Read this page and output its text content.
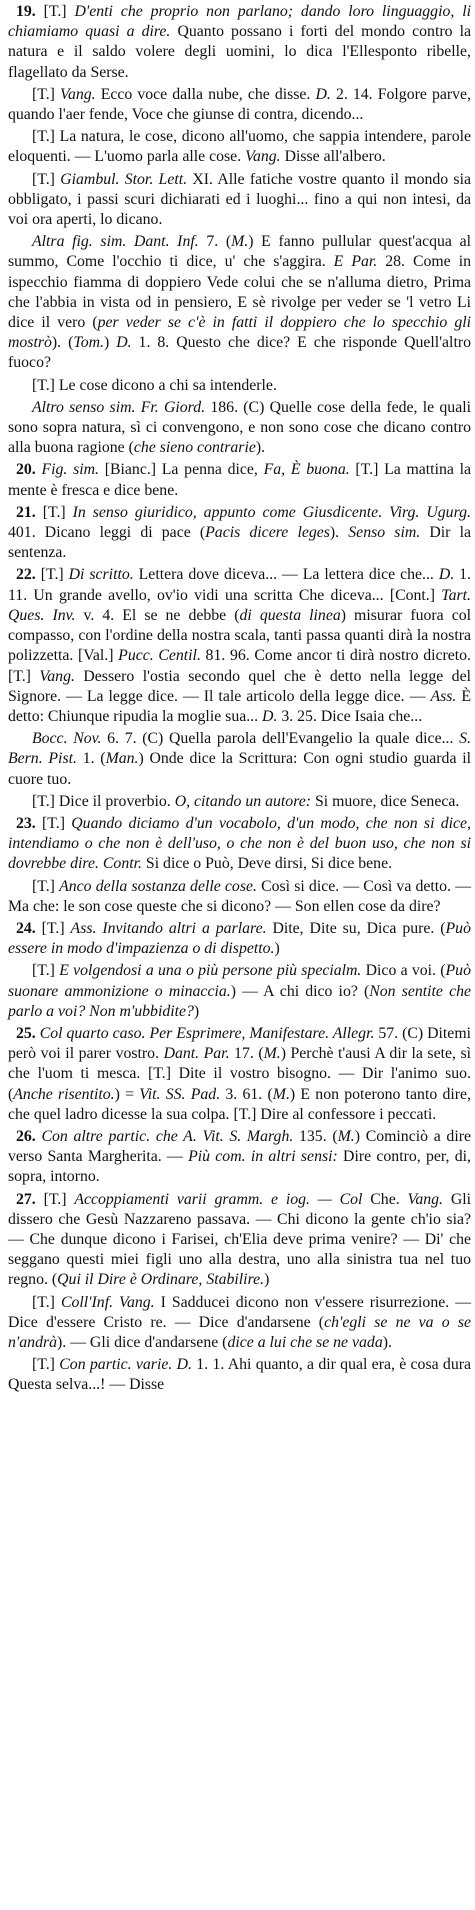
19. [T.] D'enti che proprio non parlano; dando loro linguaggio, li chiamiamo quasi a dire. Quanto possano i forti del mondo contro la natura e il saldo volere degli uomini, lo dica l'Ellesponto ribelle, flagellato da Serse.

[T.] Vang. Ecco voce dalla nube, che disse. D. 2. 14. Folgore parve, quando l'aer fende, Voce che giunse di contra, dicendo...

[T.] La natura, le cose, dicono all'uomo, che sappia intendere, parole eloquenti. — L'uomo parla alle cose. Vang. Disse all'albero.

[T.] Giambul. Stor. Lett. XI. Alle fatiche vostre quanto il mondo sia obbligato, i passi scuri dichiarati ed i luoghi... fino a qui non intesi, da voi ora aperti, lo dicano.

Altra fig. sim. Dant. Inf. 7. (M.) E fanno pullular quest'acqua al summo, Come l'occhio ti dice, u' che s'aggira. E Par. 28. Come in ispecchio fiamma di doppiero Vede colui che se n'alluma dietro, Prima che l'abbia in vista od in pensiero, E sè rivolge per veder se 'l vetro Li dice il vero (per veder se c'è in fatti il doppiero che lo specchio gli mostrò). (Tom.) D. 1. 8. Questo che dice? E che risponde Quell'altro fuoco?

[T.] Le cose dicono a chi sa intenderle.

Altro senso sim. Fr. Giord. 186. (C) Quelle cose della fede, le quali sono sopra natura, sì ci convengono, e non sono cose che dicano contro alla buona ragione (che sieno contrarie).

20. Fig. sim. [Bianc.] La penna dice, Fa, È buona. [T.] La mattina la mente è fresca e dice bene.

21. [T.] In senso giuridico, appunto come Giusdicente. Virg. Ugurg. 401. Dicano leggi di pace (Pacis dicere leges). Senso sim. Dir la sentenza.

22. [T.] Di scritto. Lettera dove diceva... — La lettera dice che... D. 1. 11. Un grande avello, ov'io vidi una scritta Che diceva... [Cont.] Tart. Ques. Inv. v. 4. El se ne debbe (di questa linea) misurar fuora col compasso, con l'ordine della nostra scala, tanti passa quanti dirà la nostra polizzetta. [Val.] Pucc. Centil. 81. 96. Come ancor ti dirà nostro dicreto. [T.] Vang. Dessero l'ostia secondo quel che è detto nella legge del Signore. — La legge dice. — Il tale articolo della legge dice. — Ass. È detto: Chiunque ripudia la moglie sua... D. 3. 25. Dice Isaia che...

Bocc. Nov. 6. 7. (C) Quella parola dell'Evangelio la quale dice... S. Bern. Pist. 1. (Man.) Onde dice la Scrittura: Con ogni studio guarda il cuore tuo.

[T.] Dice il proverbio. O, citando un autore: Si muore, dice Seneca.

23. [T.] Quando diciamo d'un vocabolo, d'un modo, che non si dice, intendiamo o che non è dell'uso, o che non è del buon uso, che non si dovrebbe dire. Contr. Si dice o Può, Deve dirsi, Si dice bene.

[T.] Anco della sostanza delle cose. Così si dice. — Così va detto. — Ma che: le son cose queste che si dicono? — Son ellen cose da dire?

24. [T.] Ass. Invitando altri a parlare. Dite, Dite su, Dica pure. (Può essere in modo d'impazienza o di dispetto.)

[T.] E volgendosi a una o più persone più specialm. Dico a voi. (Può suonare ammonizione o minaccia.) — A chi dico io? (Non sentite che parlo a voi? Non m'ubbidite?)

25. Col quarto caso. Per Esprimere, Manifestare. Allegr. 57. (C) Ditemi però voi il parer vostro. Dant. Par. 17. (M.) Perchè t'ausi A dir la sete, sì che l'uom ti mesca. [T.] Dite il vostro bisogno. — Dir l'animo suo. (Anche risentito.) = Vit. SS. Pad. 3. 61. (M.) E non poterono tanto dire, che quel ladro dicesse la sua colpa. [T.] Dire al confessore i peccati.

26. Con altre partic. che A. Vit. S. Margh. 135. (M.) Cominciò a dire verso Santa Margherita. — Più com. in altri sensi: Dire contro, per, di, sopra, intorno.

27. [T.] Accoppiamenti varii gramm. e iog. — Col Che. Vang. Gli dissero che Gesù Nazzareno passava. — Chi dicono la gente ch'io sia? — Che dunque dicono i Farisei, ch'Elia deve prima venire? — Di' che seggano questi miei figli uno alla destra, uno alla sinistra tua nel tuo regno. (Qui il Dire è Ordinare, Stabilire.)

[T.] Coll'Inf. Vang. I Sadducei dicono non v'essere risurrezione. — Dice d'essere Cristo re. — Dice d'andarsene (ch'egli se ne va o se n'andrà). — Gli dice d'andarsene (dice a lui che se ne vada).

[T.] Con partic. varie. D. 1. 1. Ahi quanto, a dir qual era, è cosa dura Questa selva...! — Disse
